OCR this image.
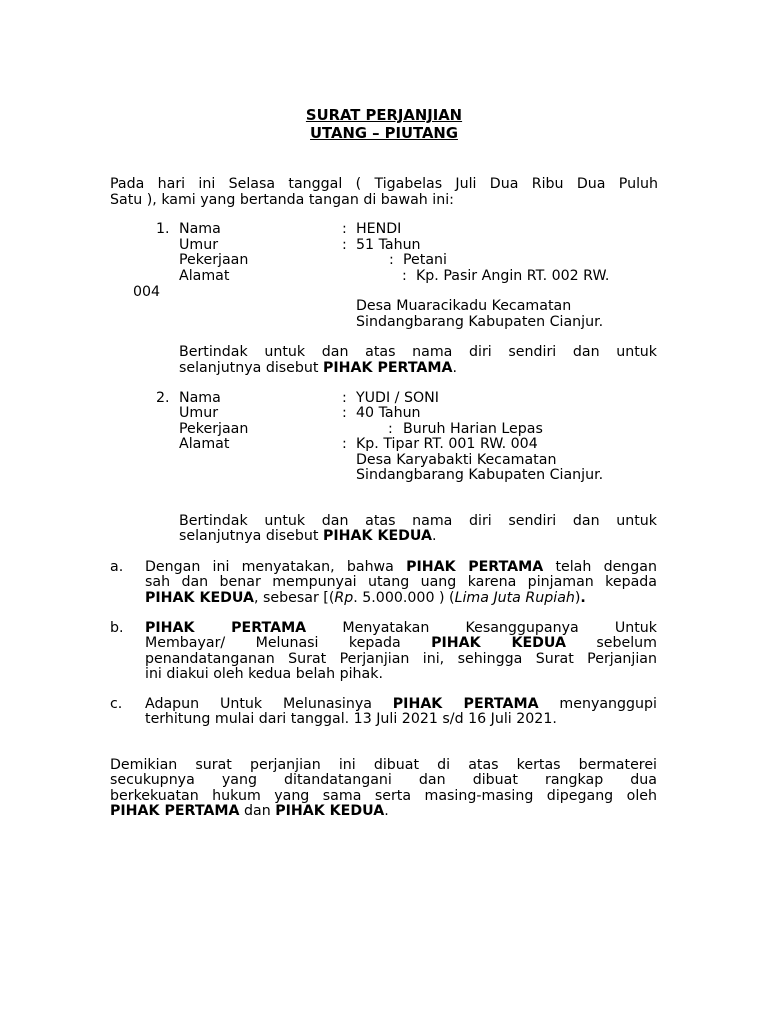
SURAT PERJANJIAN
UTANG – PIUTANG
Pada hari ini Selasa tanggal ( Tigabelas Juli Dua Ribu Dua Puluh
Satu ), kami yang bertanda tangan di bawah ini:
1. Nama
Umur
Pekerjaan
Alamat
: HENDI
: 51 Tahun
: Petani
: Kp. Pasir Angin RT. 002 RW.
004
Desa Muaracikadu Kecamatan
Sindangbarang Kabupaten Cianjur.
Bertindak untuk dan atas nama diri sendiri dan untuk
selanjutnya disebut PIHAK PERTAMA.
2. Nama
Umur
Pekerjaan
Alamat
: YUDI / SONI
: 40 Tahun
: Buruh Harian Lepas
: Kp. Tipar RT. 001 RW. 004
Desa Karyabakti Kecamatan
Sindangbarang Kabupaten Cianjur.
Bertindak untuk dan atas nama diri sendiri dan untuk
selanjutnya disebut PIHAK KEDUA.
a. Dengan ini menyatakan, bahwa PIHAK PERTAMA telah dengan
sah dan benar mempunyai utang uang karena pinjaman kepada
PIHAK KEDUA, sebesar [(Rp. 5.000.000 ) (Lima Juta Rupiah).
b. PIHAK PERTAMA Menyatakan Kesanggupanya Untuk
Membayar/ Melunasi kepada PIHAK KEDUA sebelum
penandatanganan Surat Perjanjian ini, sehingga Surat Perjanjian
ini diakui oleh kedua belah pihak.
c. Adapun Untuk Melunasinya PIHAK PERTAMA menyanggupi
terhitung mulai dari tanggal. 13 Juli 2021 s/d 16 Juli 2021.
Demikian surat perjanjian ini dibuat di atas kertas bermaterei
secukupnya yang ditandatangani dan dibuat rangkap dua
berkekuatan hukum yang sama serta masing-masing dipegang oleh
PIHAK PERTAMA dan PIHAK KEDUA.
